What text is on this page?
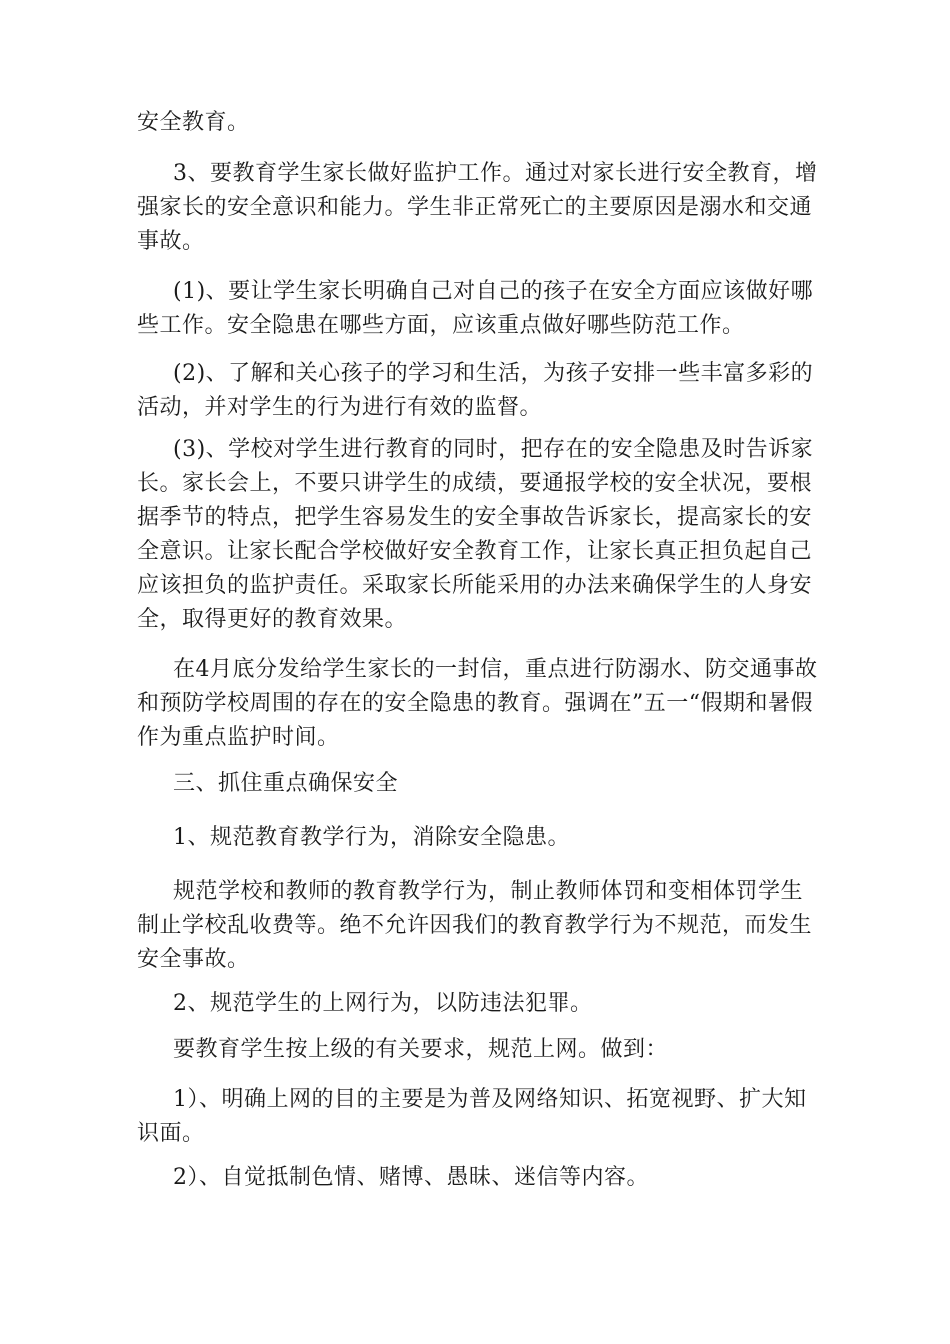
安全教育。

3、要教育学生家长做好监护工作。通过对家长进行安全教育，增强家长的安全意识和能力。学生非正常死亡的主要原因是溺水和交通事故。

(1)、要让学生家长明确自己对自己的孩子在安全方面应该做好哪些工作。安全隐患在哪些方面，应该重点做好哪些防范工作。

(2)、了解和关心孩子的学习和生活，为孩子安排一些丰富多彩的活动，并对学生的行为进行有效的监督。

(3)、学校对学生进行教育的同时，把存在的安全隐患及时告诉家长。家长会上，不要只讲学生的成绩，要通报学校的安全状况，要根据季节的特点，把学生容易发生的安全事故告诉家长，提高家长的安全意识。让家长配合学校做好安全教育工作，让家长真正担负起自己应该担负的监护责任。采取家长所能采用的办法来确保学生的人身安全，取得更好的教育效果。

在4月底分发给学生家长的一封信，重点进行防溺水、防交通事故和预防学校周围的存在的安全隐患的教育。强调在”五一“假期和暑假作为重点监护时间。

三、抓住重点确保安全

1、规范教育教学行为，消除安全隐患。

规范学校和教师的教育教学行为，制止教师体罚和变相体罚学生制止学校乱收费等。绝不允许因我们的教育教学行为不规范，而发生安全事故。

2、规范学生的上网行为，以防违法犯罪。

要教育学生按上级的有关要求，规范上网。做到：

1）、明确上网的目的主要是为普及网络知识、拓宽视野、扩大知识面。

2）、自觉抵制色情、赌博、愚昧、迷信等内容。
